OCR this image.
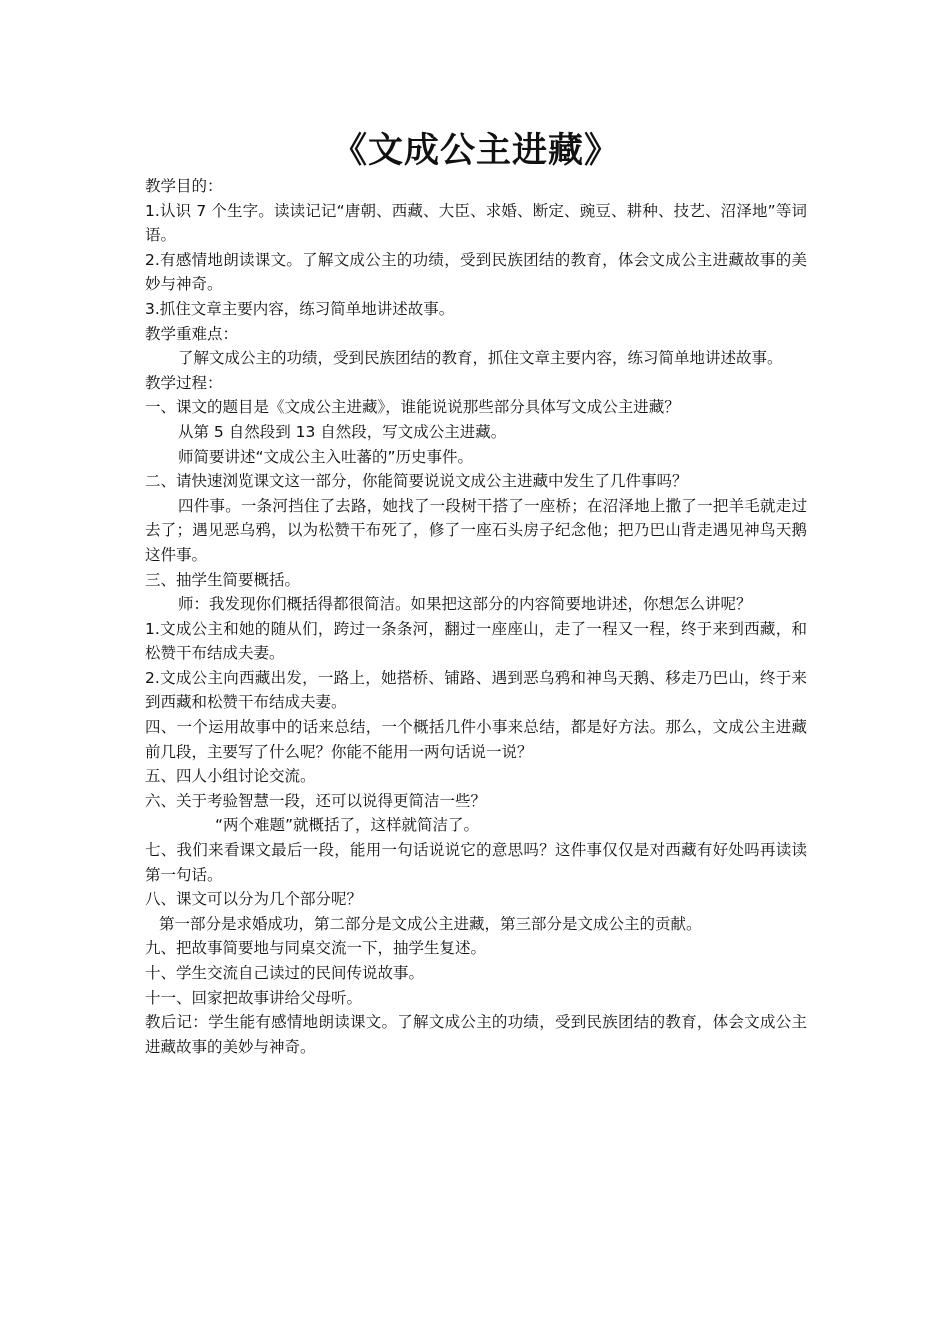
《文成公主进藏》

教学目的：

1.认识 7 个生字。读读记记“唐朝、西藏、大臣、求婚、断定、豌豆、耕种、技艺、沼泽地”等词语。

2.有感情地朗读课文。了解文成公主的功绩，受到民族团结的教育，体会文成公主进藏故事的美妙与神奇。

3.抓住文章主要内容，练习简单地讲述故事。

教学重难点：

了解文成公主的功绩，受到民族团结的教育，抓住文章主要内容，练习简单地讲述故事。

教学过程：

一、课文的题目是《文成公主进藏》，谁能说说那些部分具体写文成公主进藏？

从第 5 自然段到 13 自然段，写文成公主进藏。

师简要讲述“文成公主入吐蕃的”历史事件。

二、请快速浏览课文这一部分，你能简要说说文成公主进藏中发生了几件事吗？

四件事。一条河挡住了去路，她找了一段树干搭了一座桥；在沼泽地上撒了一把羊毛就走过去了；遇见恶乌鸦，以为松赞干布死了，修了一座石头房子纪念他；把乃巴山背走遇见神鸟天鹅这件事。

三、抽学生简要概括。

师：我发现你们概括得都很简洁。如果把这部分的内容简要地讲述，你想怎么讲呢？

1.文成公主和她的随从们，跨过一条条河，翻过一座座山，走了一程又一程，终于来到西藏，和松赞干布结成夫妻。

2.文成公主向西藏出发，一路上，她搭桥、铺路、遇到恶乌鸦和神鸟天鹅、移走乃巴山，终于来到西藏和松赞干布结成夫妻。

四、一个运用故事中的话来总结，一个概括几件小事来总结，都是好方法。那么，文成公主进藏前几段，主要写了什么呢？你能不能用一两句话说一说？

五、四人小组讨论交流。

六、关于考验智慧一段，还可以说得更简洁一些？

“两个难题”就概括了，这样就简洁了。

七、我们来看课文最后一段，能用一句话说说它的意思吗？这件事仅仅是对西藏有好处吗再读读第一句话。

八、课文可以分为几个部分呢？

第一部分是求婚成功，第二部分是文成公主进藏，第三部分是文成公主的贡献。

九、把故事简要地与同桌交流一下，抽学生复述。

十、学生交流自己读过的民间传说故事。

十一、回家把故事讲给父母听。

教后记：学生能有感情地朗读课文。了解文成公主的功绩，受到民族团结的教育，体会文成公主进藏故事的美妙与神奇。
